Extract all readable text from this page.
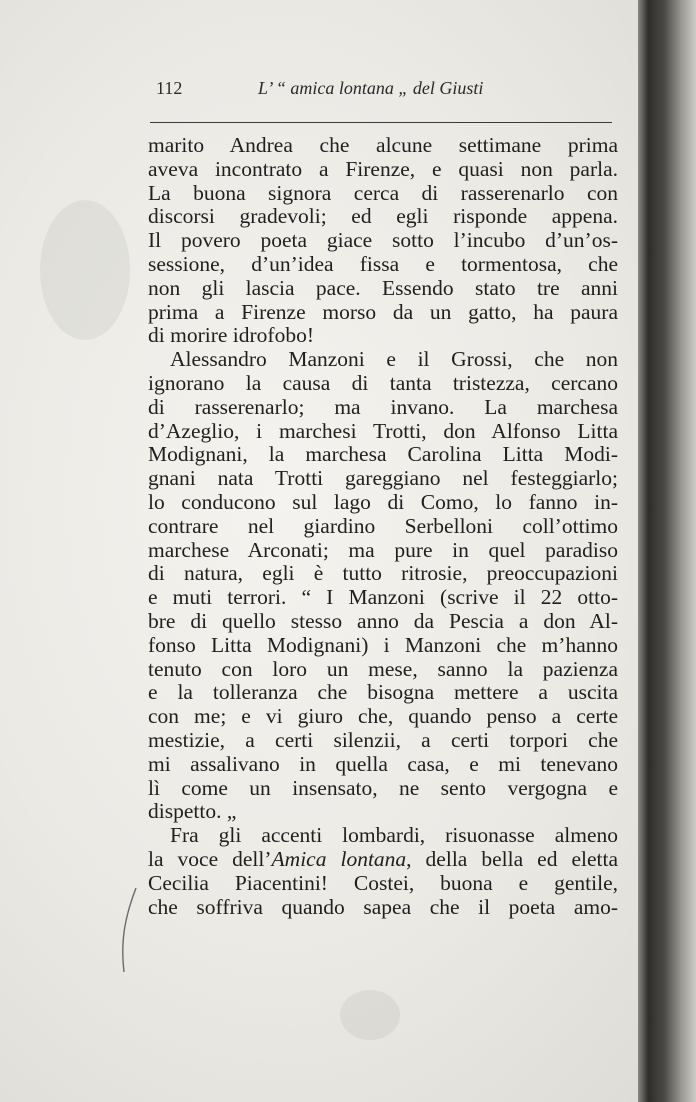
112	L’ “ amica lontana „ del Giusti
marito Andrea che alcune settimane prima
aveva incontrato a Firenze, e quasi non parla.
La buona signora cerca di rasserenarlo con
discorsi gradevoli; ed egli risponde appena.
Il povero poeta giace sotto l’incubo d’un’os-
sessione, d’un’idea fissa e tormentosa, che
non gli lascia pace. Essendo stato tre anni
prima a Firenze morso da un gatto, ha paura
di morire idrofobo!
Alessandro Manzoni e il Grossi, che non
ignorano la causa di tanta tristezza, cercano
di rasserenarlo; ma invano. La marchesa
d’Azeglio, i marchesi Trotti, don Alfonso Litta
Modignani, la marchesa Carolina Litta Modi-
gnani nata Trotti gareggiano nel festeggiarlo;
lo conducono sul lago di Como, lo fanno in-
contrare nel giardino Serbelloni coll’ottimo
marchese Arconati; ma pure in quel paradiso
di natura, egli è tutto ritrosie, preoccupazioni
e muti terrori. “ I Manzoni (scrive il 22 otto-
bre di quello stesso anno da Pescia a don Al-
fonso Litta Modignani) i Manzoni che m’hanno
tenuto con loro un mese, sanno la pazienza
e la tolleranza che bisogna mettere a uscita
con me; e vi giuro che, quando penso a certe
mestizie, a certi silenzii, a certi torpori che
mi assalivano in quella casa, e mi tenevano
lì come un insensato, ne sento vergogna e
dispetto. „
Fra gli accenti lombardi, risuonasse almeno
la voce dell’Amica lontana, della bella ed eletta
Cecilia Piacentini! Costei, buona e gentile,
che soffriva quando sapea che il poeta amo-
